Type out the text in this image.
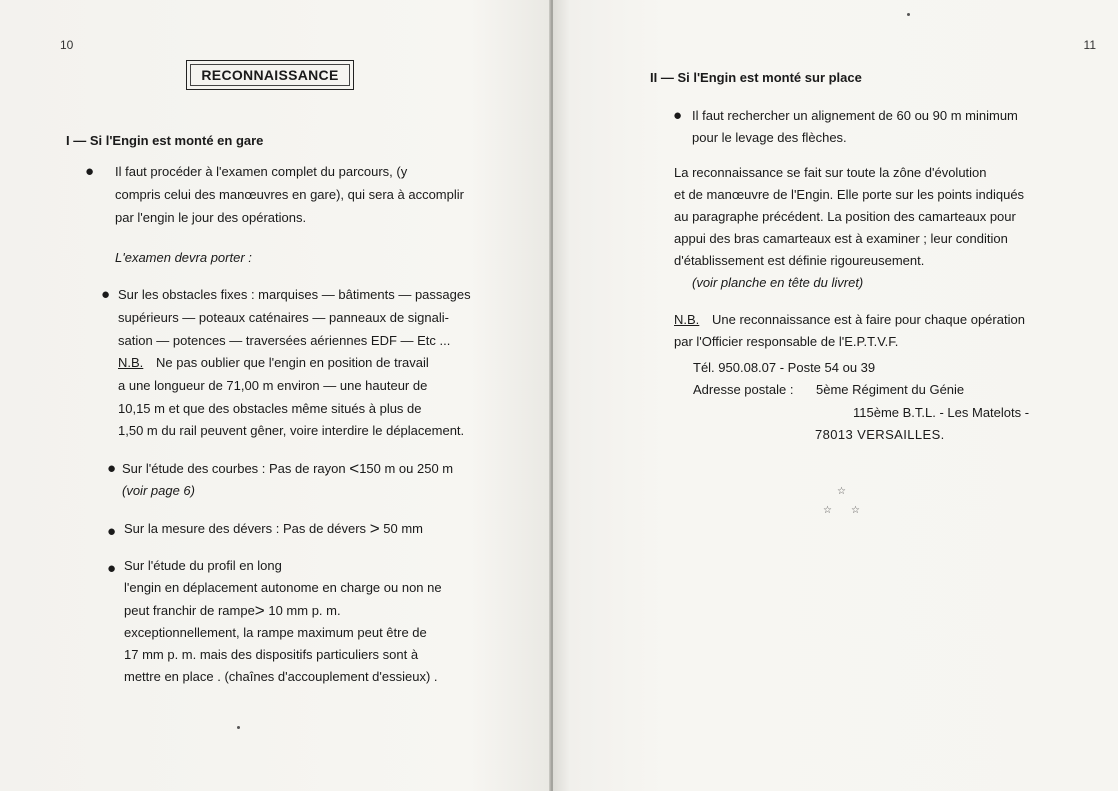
10
RECONNAISSANCE
I — Si l'Engin est monté en gare
● Il faut procéder à l'examen complet du parcours, (y
compris celui des manœuvres en gare), qui sera à accomplir
par l'engin le jour des opérations.
L'examen devra porter :
● Sur les obstacles fixes : marquises — bâtiments — passages
supérieurs — poteaux caténaires — panneaux de signali-
sation — potences — traversées aériennes EDF — Etc ...
N.B. Ne pas oublier que l'engin en position de travail
a une longueur de 71,00 m environ — une hauteur de
10,15 m et que des obstacles même situés à plus de
1,50 m du rail peuvent gêner, voire interdire le déplacement.
● Sur l'étude des courbes : Pas de rayon <150 m ou 250 m
(voir page 6)
● Sur la mesure des dévers : Pas de dévers > 50 mm
● Sur l'étude du profil en long
l'engin en déplacement autonome en charge ou non ne
peut franchir de rampe> 10 mm p. m.
exceptionnellement, la rampe maximum peut être de
17 mm p. m. mais des dispositifs particuliers sont à
mettre en place . (chaînes d'accouplement d'essieux) .
11
II — Si l'Engin est monté sur place
● Il faut rechercher un alignement de 60 ou 90 m minimum
pour le levage des flèches.
La reconnaissance se fait sur toute la zône d'évolution
et de manœuvre de l'Engin. Elle porte sur les points indiqués
au paragraphe précédent. La position des camarteaux pour
appui des bras camarteaux est à examiner ; leur condition
d'établissement est définie rigoureusement.
(voir planche en tête du livret)
N.B. Une reconnaissance est à faire pour chaque opération
par l'Officier responsable de l'E.P.T.V.F.
Tél. 950.08.07 - Poste 54 ou 39
Adresse postale : 5ème Régiment du Génie
115ème B.T.L. - Les Matelots -
78013 VERSAILLES.
☆
☆ ☆
